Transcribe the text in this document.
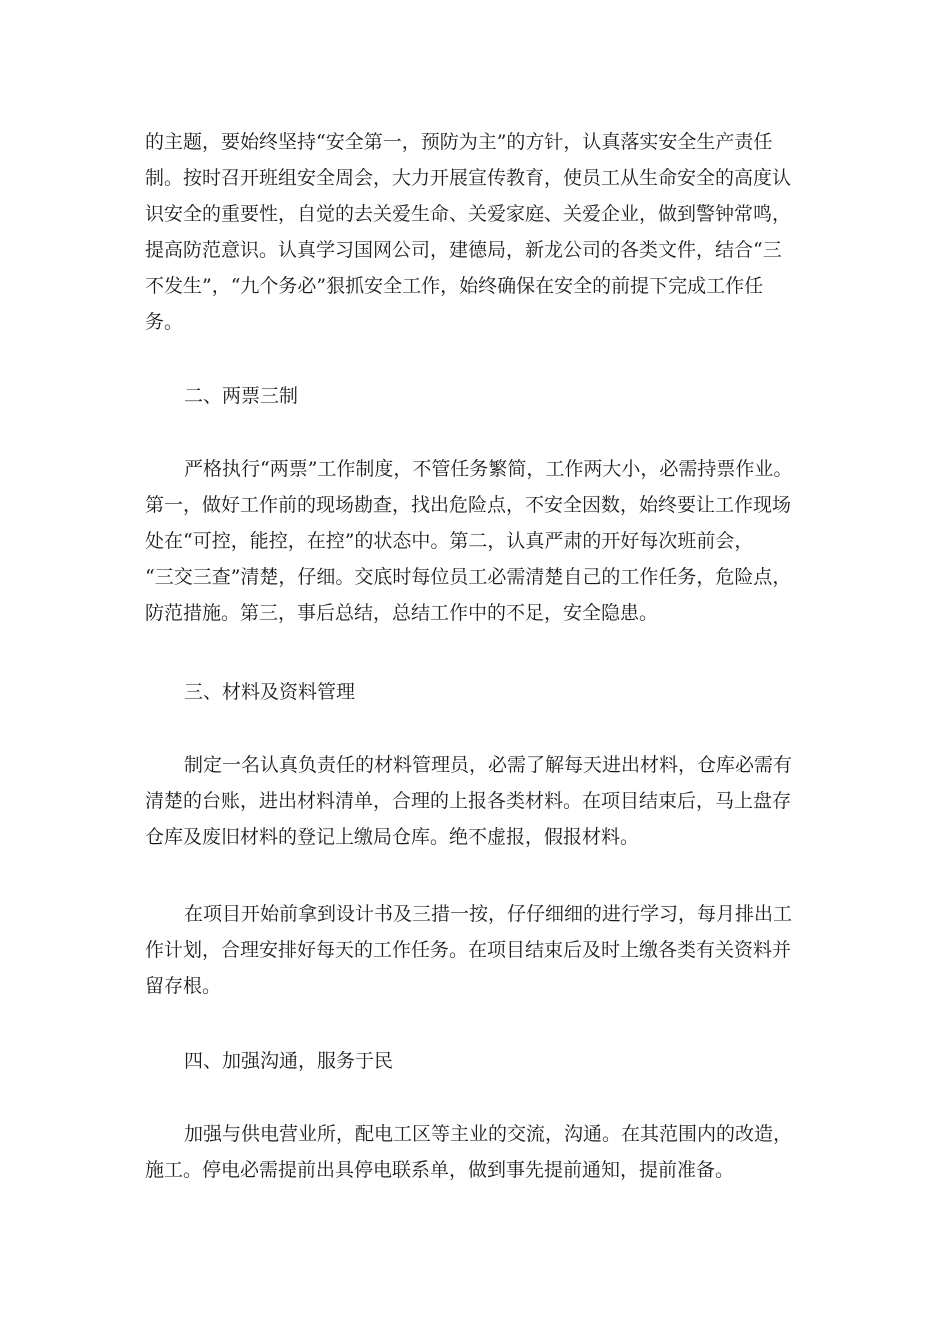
的主题，要始终坚持“安全第一，预防为主”的方针，认真落实安全生产责任
制。按时召开班组安全周会，大力开展宣传教育，使员工从生命安全的高度认
识安全的重要性，自觉的去关爱生命、关爱家庭、关爱企业，做到警钟常鸣，
提高防范意识。认真学习国网公司，建德局，新龙公司的各类文件，结合“三
不发生”，“九个务必”狠抓安全工作，始终确保在安全的前提下完成工作任
务。
二、两票三制
严格执行“两票”工作制度，不管任务繁简，工作两大小，必需持票作业。
第一，做好工作前的现场勘查，找出危险点，不安全因数，始终要让工作现场
处在“可控，能控，在控”的状态中。第二，认真严肃的开好每次班前会，
“三交三查”清楚，仔细。交底时每位员工必需清楚自己的工作任务，危险点，
防范措施。第三，事后总结，总结工作中的不足，安全隐患。
三、材料及资料管理
制定一名认真负责任的材料管理员，必需了解每天进出材料，仓库必需有
清楚的台账，进出材料清单，合理的上报各类材料。在项目结束后，马上盘存
仓库及废旧材料的登记上缴局仓库。绝不虚报，假报材料。
在项目开始前拿到设计书及三措一按，仔仔细细的进行学习，每月排出工
作计划，合理安排好每天的工作任务。在项目结束后及时上缴各类有关资料并
留存根。
四、加强沟通，服务于民
加强与供电营业所，配电工区等主业的交流，沟通。在其范围内的改造，
施工。停电必需提前出具停电联系单，做到事先提前通知，提前准备。
